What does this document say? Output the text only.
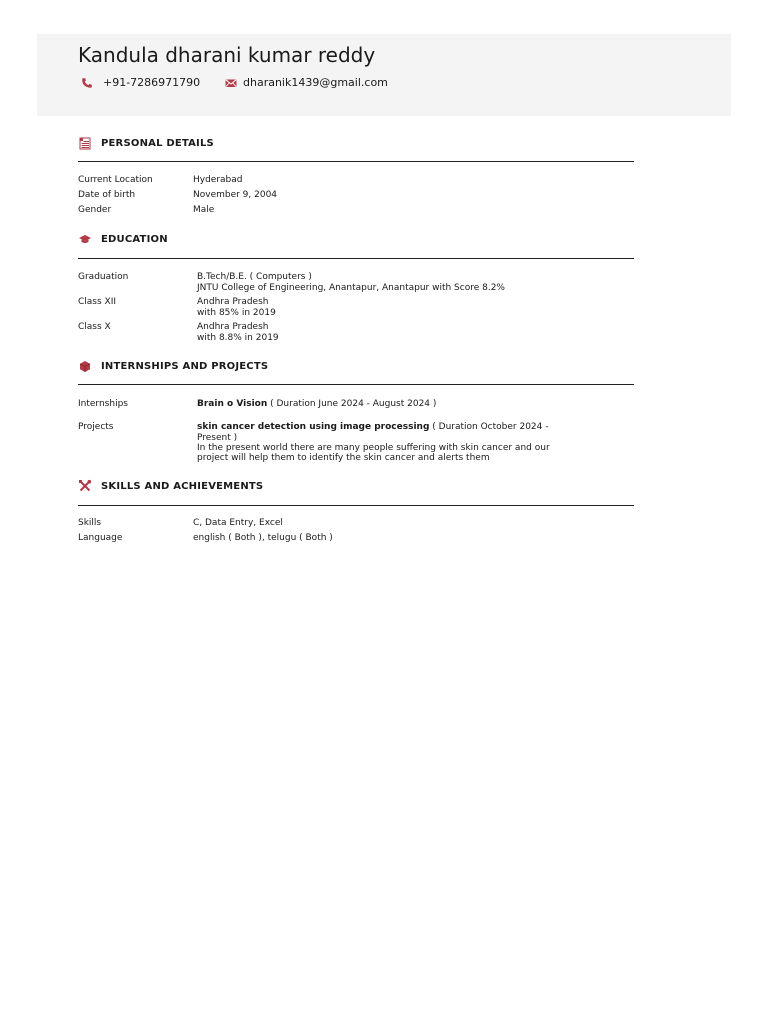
Kandula dharani kumar reddy
+91-7286971790	dharanik1439@gmail.com
PERSONAL DETAILS
Current Location	Hyderabad
Date of birth	November 9, 2004
Gender	Male
EDUCATION
Graduation	B.Tech/B.E. ( Computers )
JNTU College of Engineering, Anantapur, Anantapur with Score 8.2%
Class XII	Andhra Pradesh
with 85% in 2019
Class X	Andhra Pradesh
with 8.8% in 2019
INTERNSHIPS AND PROJECTS
Internships	Brain o Vision ( Duration June 2024 - August 2024 )
Projects	skin cancer detection using image processing ( Duration October 2024 -
Present )
In the present world there are many people suffering with skin cancer and our project will help them to identify the skin cancer and alerts them
SKILLS AND ACHIEVEMENTS
Skills	C, Data Entry, Excel
Language	english ( Both ), telugu ( Both )
